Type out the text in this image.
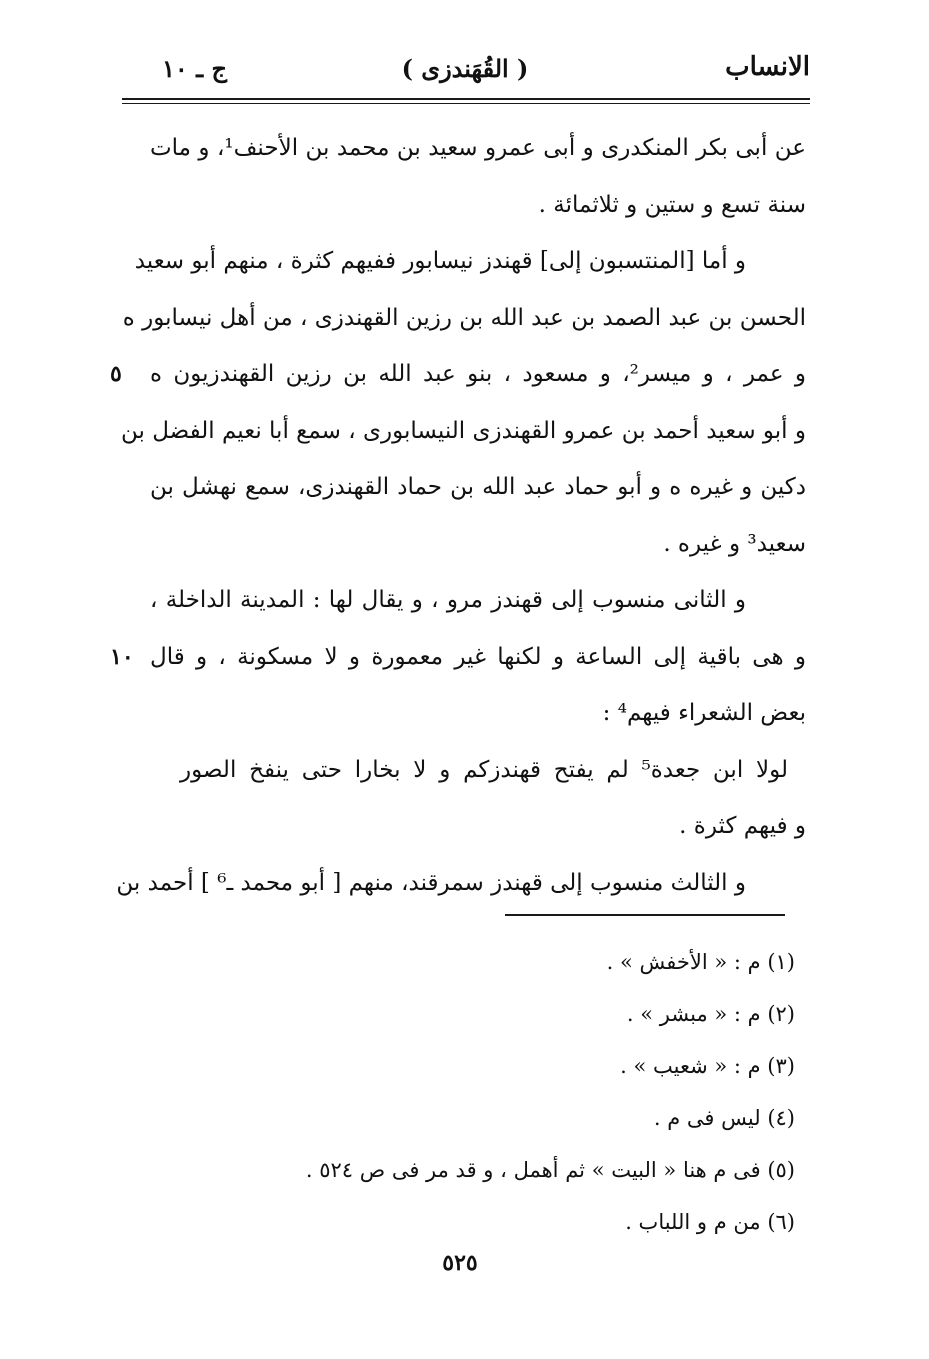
الانساب
( القُهَندزی )
ج ـ ١٠
عن أبی بکر المنکدری و أبی عمرو سعید بن محمد بن الأحنف¹، و مات
سنة تسع و ستین و ثلاثمائة .
و أما [المنتسبون إلی] قهندز نیسابور ففیهم کثرة ، منهم أبو سعید
الحسن بن عبد الصمد بن عبد الله بن رزین القهندزی ، من أهل نیسابور ه
و عمر ، و میسر²، و مسعود ، بنو عبد الله بن رزین القهندزیون ه
٥
و أبو سعید أحمد بن عمرو القهندزی النیسابوری ، سمع أبا نعیم الفضل بن
دکین و غیره ه و أبو حماد عبد الله بن حماد القهندزی، سمع نهشل بن
سعید³ و غیره .
و الثانی منسوب إلی قهندز مرو ، و یقال لها : المدینة الداخلة ،
و هی باقیة إلی الساعة و لکنها غیر معمورة و لا مسکونة ، و قال
١٠
بعض الشعراء فیهم⁴ :
لولا ابن جعدة⁵ لم یفتح قهندزکم و لا بخارا حتی ینفخ الصور
و فیهم کثرة .
و الثالث منسوب إلی قهندز سمرقند، منهم [ أبو محمد ـ⁶ ] أحمد بن
(١) م : « الأخفش » .
(٢) م : « مبشر » .
(٣) م : « شعیب » .
(٤) لیس فی م .
(٥) فی م هنا « البیت » ثم أهمل ، و قد مر فی ص ٥٢٤ .
(٦) من م و اللباب .
٥٢٥
